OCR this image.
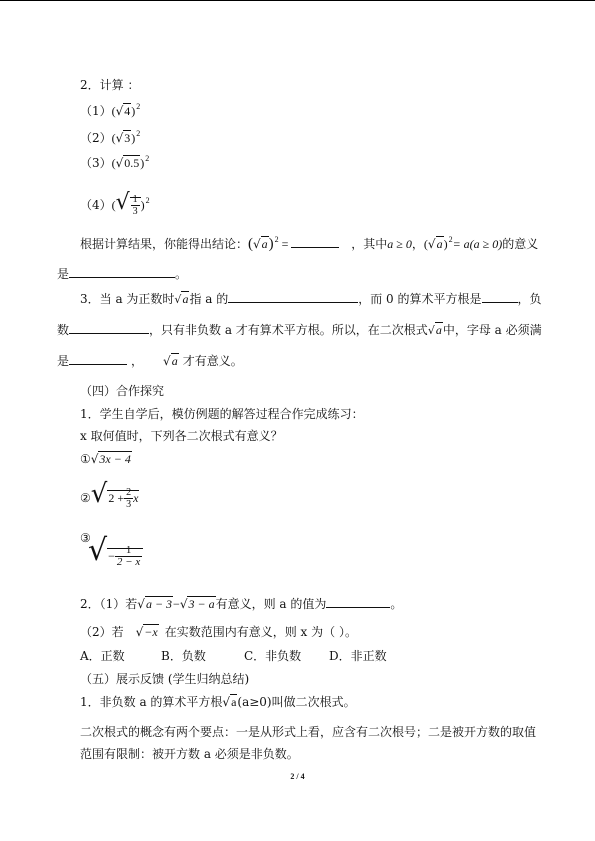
2．计算 ：
$(1)(√4)^2$
$(2)(√3)^2$
$(3)(√0.5)^2$
$(4)(√ \frac{1}{3} )^2$
根据计算结果，你能得出结论：$(√a)^2$ =	，其中a ≥ 0，$(√a)^2= a(a \ge 0)$的意义
是	。
3．当 a 为正数时√a指 a 的	，而 0 的算术平方根是	，负
数	，只有非负数 a 才有算术平方根。所以，在二次根式√a中，字母 a 必须满
是	， √a 才有意义。
（四）合作探究
1．学生自学后，模仿例题的解答过程合作完成练习：
x 取何值时，下列各二次根式有意义？
①√3x − 4
②√2 + $\frac{2}{3}$ x
③
√− $\frac{1}{2 - x}$
2．（1）若√a − 3−√3 − a有意义，则 a 的值为	。
（2）若 √−x 在实数范围内有意义，则 x 为（ ）。
A．正数	B．负数	C．非负数 D．非正数
（五）展示反馈 (学生归纳总结)
1．非负数 a 的算术平方根√a(a≥0)叫做二次根式。
二次根式的概念有两个要点：一是从形式上看，应含有二次根号；二是被开方数的取值
范围有限制：被开方数 a 必须是非负数。
2 / 4
